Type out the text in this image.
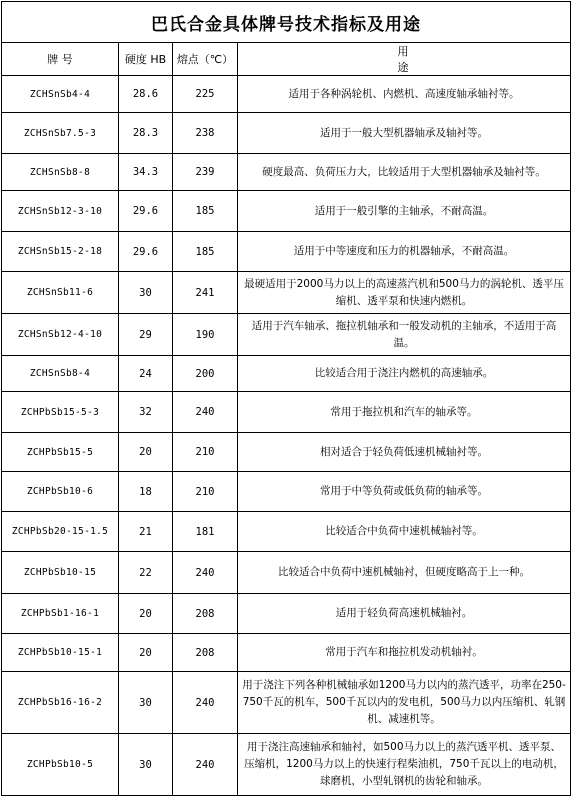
巴氏合金具体牌号技术指标及用途			
牌 号	硬度 HB	熔点（℃）	用 途
ZCHSnSb4-4	28.6	225	适用于各种涡轮机、内燃机、高速度轴承轴衬等。
ZCHSnSb7.5-3	28.3	238	适用于一般大型机器轴承及轴衬等。
ZCHSnSb8-8	34.3	239	硬度最高、负荷压力大，比较适用于大型机器轴承及轴衬等。
ZCHSnSb12-3-10	29.6	185	适用于一般引擎的主轴承，不耐高温。
ZCHSnSb15-2-18	29.6	185	适用于中等速度和压力的机器轴承，不耐高温。
ZCHSnSb11-6	30	241	最硬适用于2000马力以上的高速蒸汽机和500马力的涡轮机、透平压缩机、透平泵和快速内燃机。
ZCHSnSb12-4-10	29	190	适用于汽车轴承、拖拉机轴承和一般发动机的主轴承，不适用于高温。
ZCHSnSb8-4	24	200	比较适合用于浇注内燃机的高速轴承。
ZCHPbSb15-5-3	32	240	常用于拖拉机和汽车的轴承等。
ZCHPbSb15-5	20	210	相对适合于轻负荷低速机械轴衬等。
ZCHPbSb10-6	18	210	常用于中等负荷或低负荷的轴承等。
ZCHPbSb20-15-1.5	21	181	比较适合中负荷中速机械轴衬等。
ZCHPbSb10-15	22	240	比较适合中负荷中速机械轴衬，但硬度略高于上一种。
ZCHPbSb1-16-1	20	208	适用于轻负荷高速机械轴衬。
ZCHPbSb10-15-1	20	208	常用于汽车和拖拉机发动机轴衬。
ZCHPbSb16-16-2	30	240	用于浇注下列各种机械轴承如1200马力以内的蒸汽透平，功率在250-750千瓦的机车，500千瓦以内的发电机，500马力以内压缩机、轧钢机、减速机等。
ZCHPbSb10-5	30	240	用于浇注高速轴承和轴衬，如500马力以上的蒸汽透平机、透平泵、压缩机，1200马力以上的快速行程柴油机，750千瓦以上的电动机，球磨机，小型轧钢机的齿轮和轴承。
